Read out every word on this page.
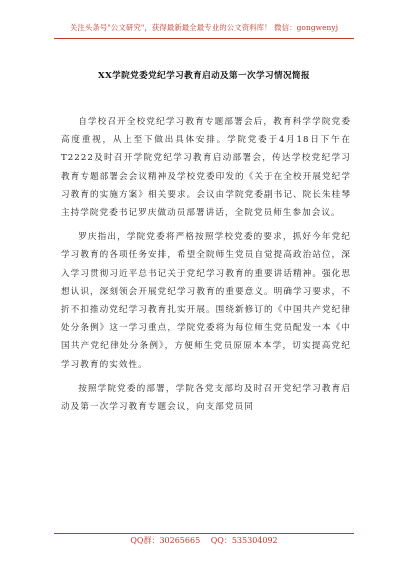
关注头条号"公文研究"，获得最新最全最专业的公文资料库！ 微信：gongwenyj
XX学院党委党纪学习教育启动及第一次学习情况简报

自学校召开全校党纪学习教育专题部署会后，教育科学学院党委高度重视，从上至下做出具体安排。学院党委于4月18日下午在T2222及时召开学院党纪学习教育启动部署会，传达学校党纪学习教育专题部署会会议精神及学校党委印发的《关于在全校开展党纪学习教育的实施方案》相关要求。会议由学院党委副书记、院长朱桂琴主持学院党委书记罗庆做动员部署讲话，全院党员师生参加会议。

罗庆指出，学院党委将严格按照学校党委的要求，抓好今年党纪学习教育的各项任务安排，希望全院师生党员自觉提高政治站位，深入学习贯彻习近平总书记关于党纪学习教育的重要讲话精神。强化思想认识，深刻领会开展党纪学习教育的重要意义。明确学习要求，不折不扣推动党纪学习教育扎实开展。围绕新修订的《中国共产党纪律处分条例》这一学习重点，学院党委将为每位师生党员配发一本《中国共产党纪律处分条例》，方便师生党员原原本本学，切实提高党纪学习教育的实效性。

按照学院党委的部署，学院各党支部均及时召开党纪学习教育启动及第一次学习教育专题会议，向支部党员同

QQ群：30265665 QQ：535304092
